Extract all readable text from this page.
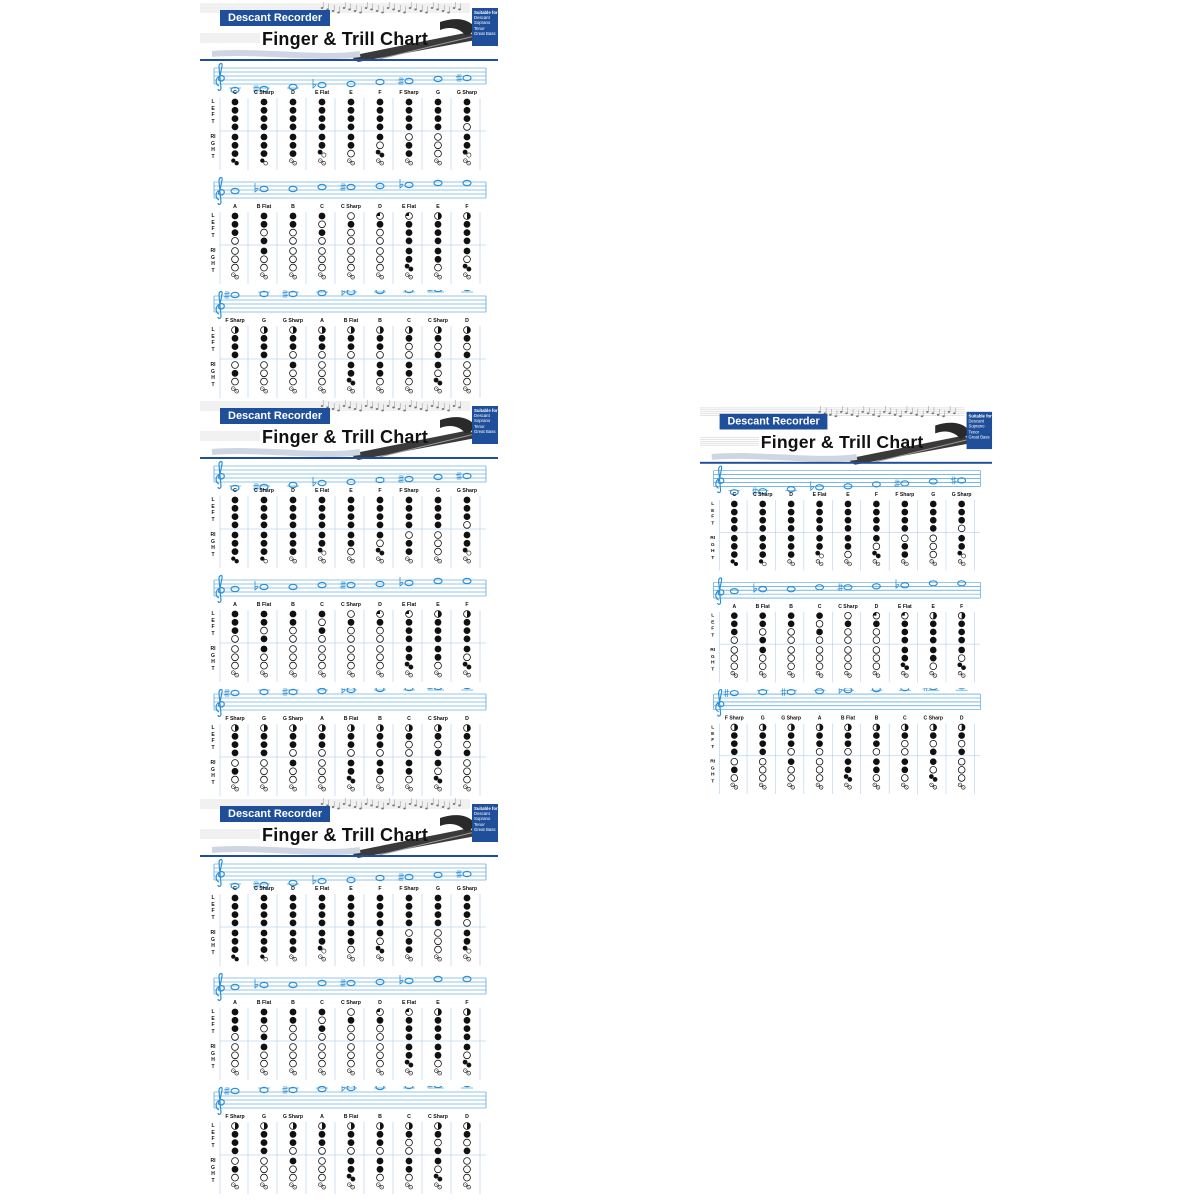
Descant Recorder
Finger & Trill Chart
Suitable for
Descant
Soprano
Tenor
Great Bass
C	C Sharp	D	E Flat	E	F	F Sharp	G	G Sharp
LEFT
RIGHT
A	B Flat	B	C	C Sharp	D	E Flat	E	F
LEFT
RIGHT
F Sharp	G	G Sharp	A	B Flat	B	C	C Sharp	D
LEFT
RIGHT
Descant Recorder
Finger & Trill Chart
Suitable for
Descant
Soprano
Tenor
Great Bass
C	C Sharp	D	E Flat	E	F	F Sharp	G	G Sharp
LEFT
RIGHT
A	B Flat	B	C	C Sharp	D	E Flat	E	F
LEFT
RIGHT
F Sharp	G	G Sharp	A	B Flat	B	C	C Sharp	D
LEFT
RIGHT
Descant Recorder
Finger & Trill Chart
Suitable for
Descant
Soprano
Tenor
Great Bass
C	C Sharp	D	E Flat	E	F	F Sharp	G	G Sharp
LEFT
RIGHT
A	B Flat	B	C	C Sharp	D	E Flat	E	F
LEFT
RIGHT
F Sharp	G	G Sharp	A	B Flat	B	C	C Sharp	D
LEFT
RIGHT
Descant Recorder
Finger & Trill Chart
Suitable for
Descant
Soprano
Tenor
Great Bass
C	C Sharp	D	E Flat	E	F	F Sharp	G	G Sharp
LEFT
RIGHT
A	B Flat	B	C	C Sharp	D	E Flat	E	F
LEFT
RIGHT
F Sharp	G	G Sharp	A	B Flat	B	C	C Sharp	D
LEFT
RIGHT
